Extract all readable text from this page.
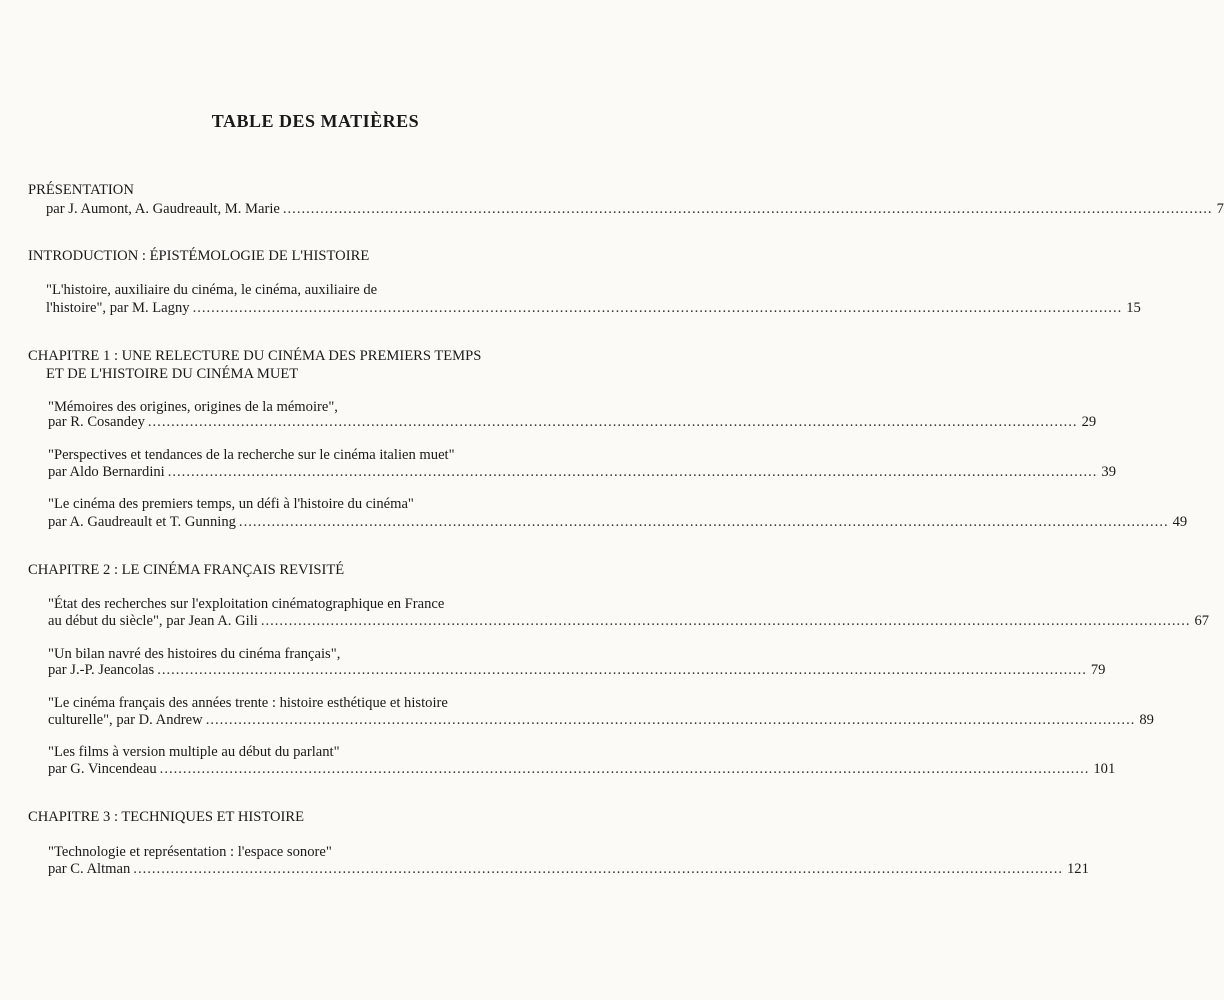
TABLE DES MATIÈRES
PRÉSENTATION
par J. Aumont, A. Gaudreault, M. Marie ........................................................................................................................................................................................................ 7
INTRODUCTION : ÉPISTÉMOLOGIE DE L'HISTOIRE
"L'histoire, auxiliaire du cinéma, le cinéma, auxiliaire de
l'histoire", par M. Lagny ........................................................................................................................................................................................................ 15
CHAPITRE 1 : UNE RELECTURE DU CINÉMA DES PREMIERS TEMPS
ET DE L'HISTOIRE DU CINÉMA MUET
"Mémoires des origines, origines de la mémoire",
par R. Cosandey ........................................................................................................................................................................................................ 29
"Perspectives et tendances de la recherche sur le cinéma italien muet"
par Aldo Bernardini ........................................................................................................................................................................................................ 39
"Le cinéma des premiers temps, un défi à l'histoire du cinéma"
par A. Gaudreault et T. Gunning ........................................................................................................................................................................................................ 49
CHAPITRE 2 : LE CINÉMA FRANÇAIS REVISITÉ
"État des recherches sur l'exploitation cinématographique en France
au début du siècle", par Jean A. Gili ........................................................................................................................................................................................................ 67
"Un bilan navré des histoires du cinéma français",
par J.-P. Jeancolas ........................................................................................................................................................................................................ 79
"Le cinéma français des années trente : histoire esthétique et histoire
culturelle", par D. Andrew ........................................................................................................................................................................................................ 89
"Les films à version multiple au début du parlant"
par G. Vincendeau ........................................................................................................................................................................................................ 101
CHAPITRE 3 : TECHNIQUES ET HISTOIRE
"Technologie et représentation : l'espace sonore"
par C. Altman ........................................................................................................................................................................................................ 121
